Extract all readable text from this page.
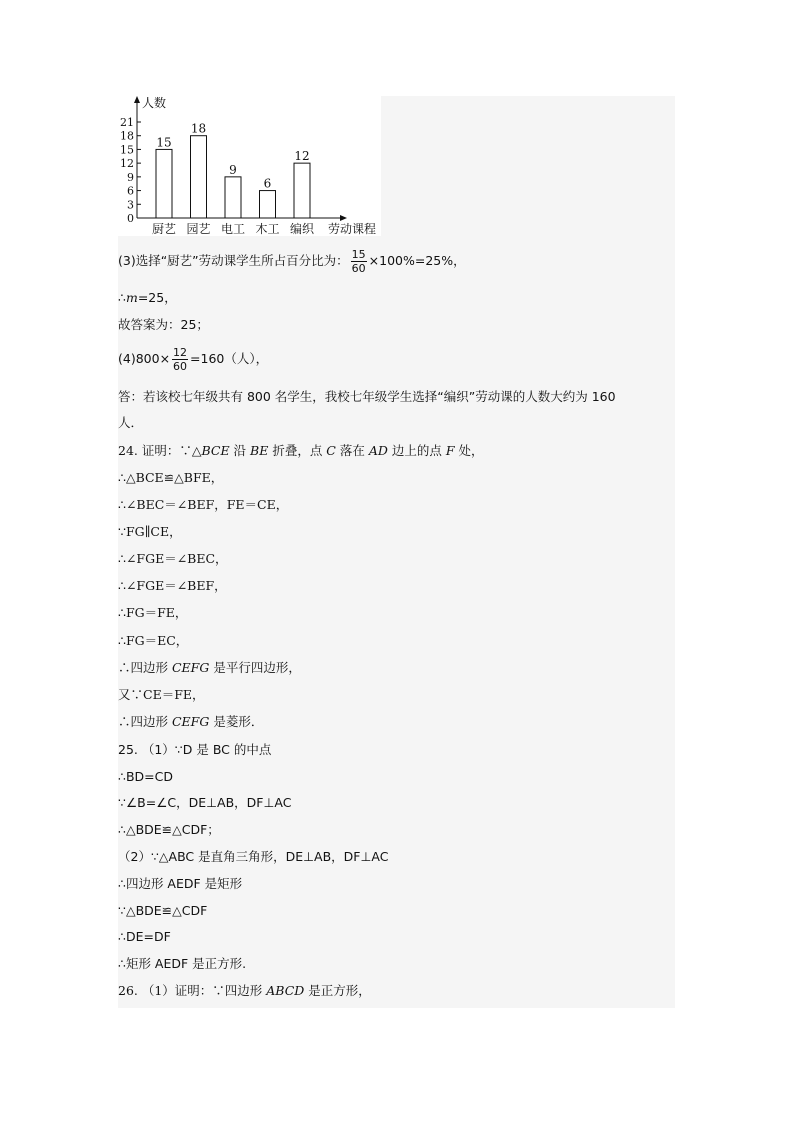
人数
劳动课程
0
3
6
9
12
15
18
21
15
厨艺
18
园艺
9
电工
6
木工
12
编织
(3)选择“厨艺”劳动课学生所占百分比为： $\frac{15}{60} \times 100\%=25\%$，
∴m=25，
故答案为：25；
$(4)800\times \frac{12}{60} =160$（人），
答：若该校七年级共有 800 名学生，我校七年级学生选择“编织”劳动课的人数大约为 160
人．
24. 证明：∵△BCE 沿 BE 折叠，点 C 落在 AD 边上的点 F 处，
∴△BCE≌△BFE，
∴∠BEC＝∠BEF，FE＝CE，
∵FG∥CE，
∴∠FGE＝∠BEC，
∴∠FGE＝∠BEF，
∴FG＝FE，
∴FG＝EC，
∴四边形 CEFG 是平行四边形，
又∵CE＝FE，
∴四边形 CEFG 是菱形．
25. （1）∵D 是 BC 的中点
∴BD=CD
∵∠B=∠C，DE⊥AB，DF⊥AC
∴△BDE≌△CDF；
（2）∵△ABC 是直角三角形，DE⊥AB，DF⊥AC
∴四边形 AEDF 是矩形
∵△BDE≌△CDF
∴DE=DF
∴矩形 AEDF 是正方形.
26. （1）证明：∵四边形 ABCD 是正方形，
